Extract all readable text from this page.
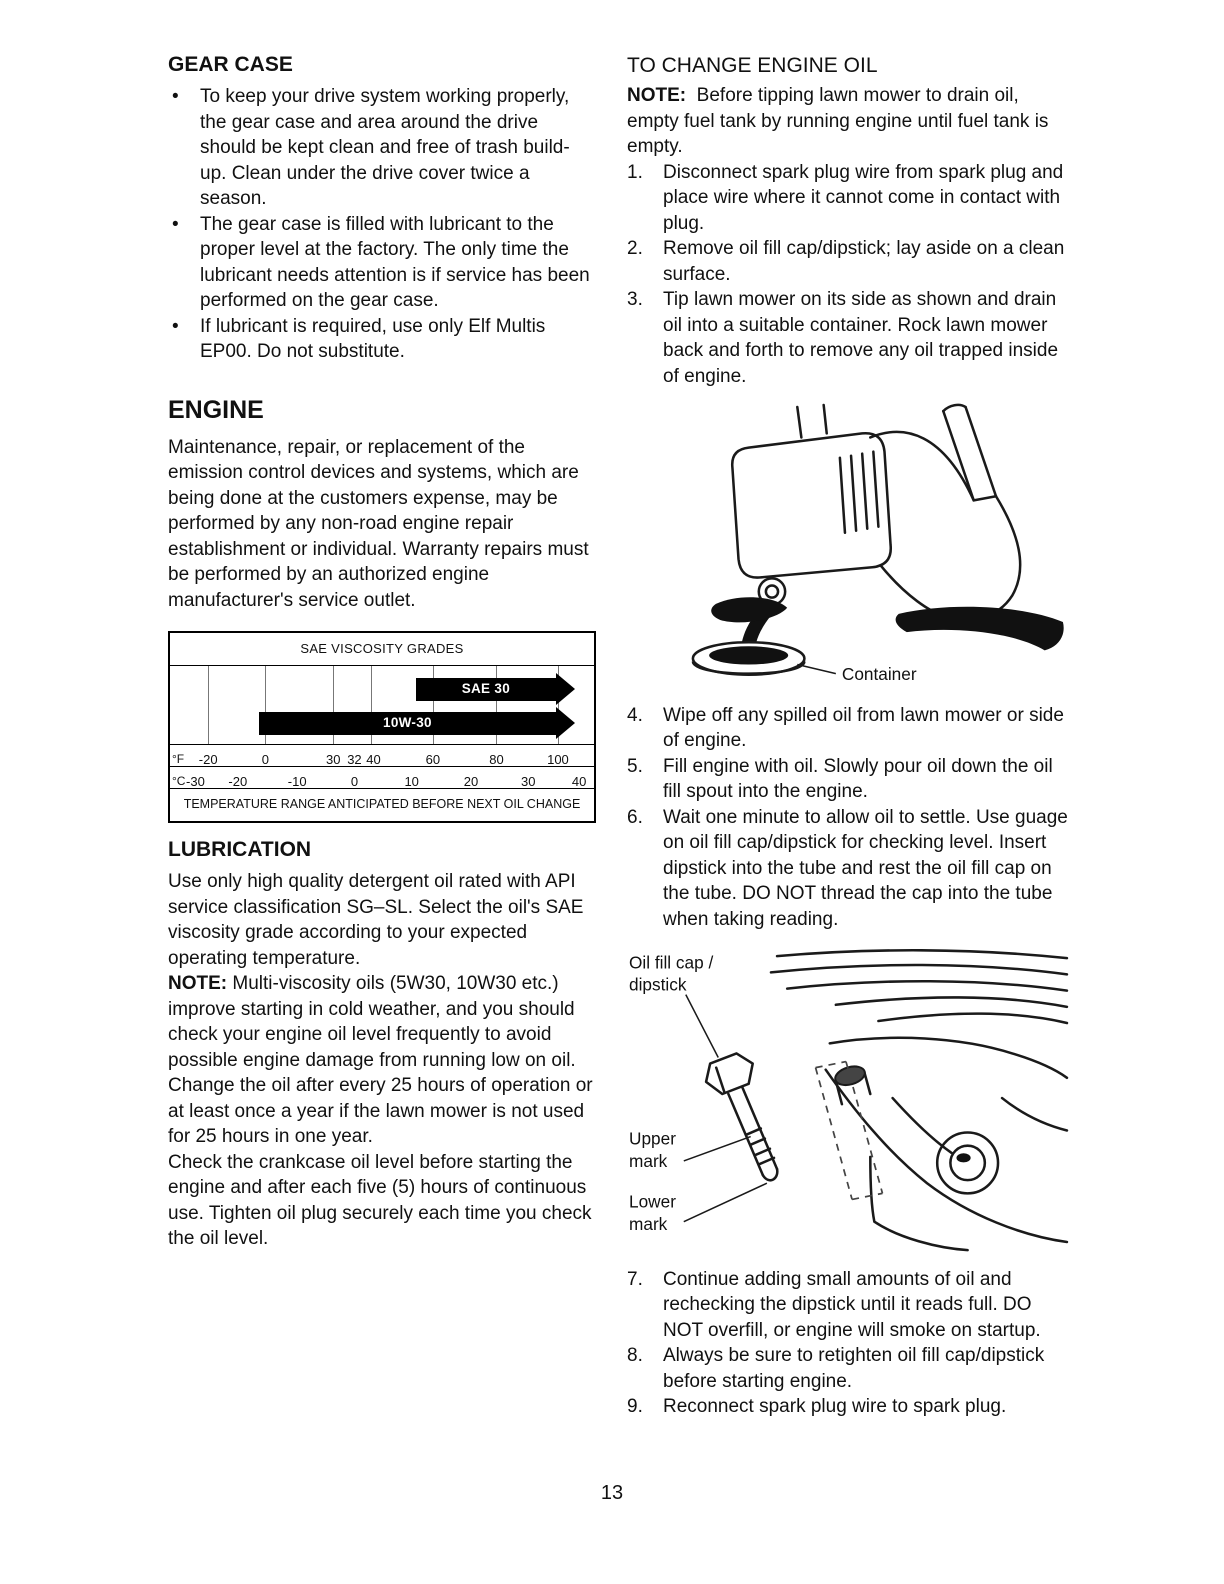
GEAR CASE
•	To keep your drive system working properly, the gear case and area around the drive should be kept clean and free of trash build-up. Clean under the drive cover twice a season.
•	The gear case is filled with lubricant to the proper level at the factory. The only time the lubricant needs attention is if service has been performed on the gear case.
•	If lubricant is required, use only Elf Multis EP00. Do not substitute.
ENGINE

Maintenance, repair, or replacement of the emission control devices and systems, which are being done at the customers expense, may be performed by any non-road engine repair establishment or individual. Warranty repairs must be performed by an authorized engine manufacturer's service outlet.

SAE VISCOSITY GRADES
SAE 30
10W-30
°F -20	0	30 32 40	60	80	100
°C -30 -20	-10	0	10	20	30	40
TEMPERATURE RANGE ANTICIPATED BEFORE NEXT OIL CHANGE
LUBRICATION

Use only high quality detergent oil rated with API service classification SG–SL. Select the oil's SAE viscosity grade according to your expected operating temperature.

NOTE: Multi-viscosity oils (5W30, 10W30 etc.) improve starting in cold weather, and you should check your engine oil level frequently to avoid possible engine damage from running low on oil.

Change the oil after every 25 hours of operation or at least once a year if the lawn mower is not used for 25 hours in one year.

Check the crankcase oil level before starting the engine and after each five (5) hours of continuous use. Tighten oil plug securely each time you check the oil level.

TO CHANGE ENGINE OIL

NOTE: Before tipping lawn mower to drain oil, empty fuel tank by running engine until fuel tank is empty.

1.	Disconnect spark plug wire from spark plug and place wire where it cannot come in contact with plug.
2.	Remove oil fill cap/dipstick; lay aside on a clean surface.
3.	Tip lawn mower on its side as shown and drain oil into a suitable container. Rock lawn mower back and forth to remove any oil trapped inside of engine.
Container
4.	Wipe off any spilled oil from lawn mower or side of engine.
5.	Fill engine with oil. Slowly pour oil down the oil fill spout into the engine.
6.	Wait one minute to allow oil to settle. Use guage on oil fill cap/dipstick for checking level. Insert dipstick into the tube and rest the oil fill cap on the tube. DO NOT thread the cap into the tube when taking reading.
Oil fill cap /
dipstick
Upper
mark
Lower
mark
7.	Continue adding small amounts of oil and rechecking the dipstick until it reads full. DO NOT overfill, or engine will smoke on startup.
8.	Always be sure to retighten oil fill cap/dipstick before starting engine.
9.	Reconnect spark plug wire to spark plug.
13
